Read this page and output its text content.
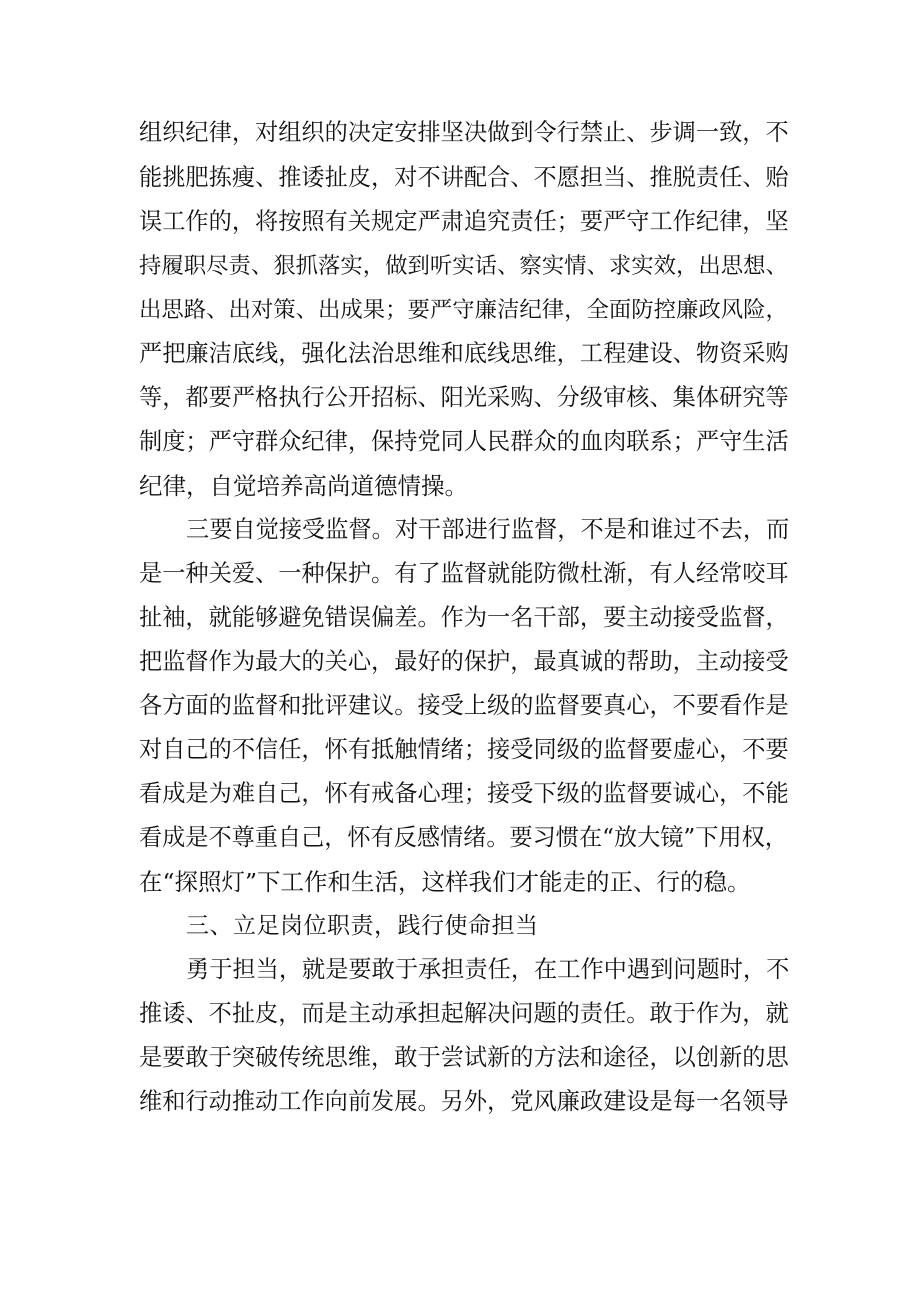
组织纪律，对组织的决定安排坚决做到令行禁止、步调一致，不
能挑肥拣瘦、推诿扯皮，对不讲配合、不愿担当、推脱责任、贻
误工作的，将按照有关规定严肃追究责任；要严守工作纪律，坚
持履职尽责、狠抓落实，做到听实话、察实情、求实效，出思想、
出思路、出对策、出成果；要严守廉洁纪律，全面防控廉政风险，
严把廉洁底线，强化法治思维和底线思维，工程建设、物资采购
等，都要严格执行公开招标、阳光采购、分级审核、集体研究等
制度；严守群众纪律，保持党同人民群众的血肉联系；严守生活
纪律，自觉培养高尚道德情操。
三要自觉接受监督。对干部进行监督，不是和谁过不去，而
是一种关爱、一种保护。有了监督就能防微杜渐，有人经常咬耳
扯袖，就能够避免错误偏差。作为一名干部，要主动接受监督，
把监督作为最大的关心，最好的保护，最真诚的帮助，主动接受
各方面的监督和批评建议。接受上级的监督要真心，不要看作是
对自己的不信任，怀有抵触情绪；接受同级的监督要虚心，不要
看成是为难自己，怀有戒备心理；接受下级的监督要诚心，不能
看成是不尊重自己，怀有反感情绪。要习惯在“放大镜”下用权，
在“探照灯”下工作和生活，这样我们才能走的正、行的稳。
三、立足岗位职责，践行使命担当
勇于担当，就是要敢于承担责任，在工作中遇到问题时，不
推诿、不扯皮，而是主动承担起解决问题的责任。敢于作为，就
是要敢于突破传统思维，敢于尝试新的方法和途径，以创新的思
维和行动推动工作向前发展。另外，党风廉政建设是每一名领导
